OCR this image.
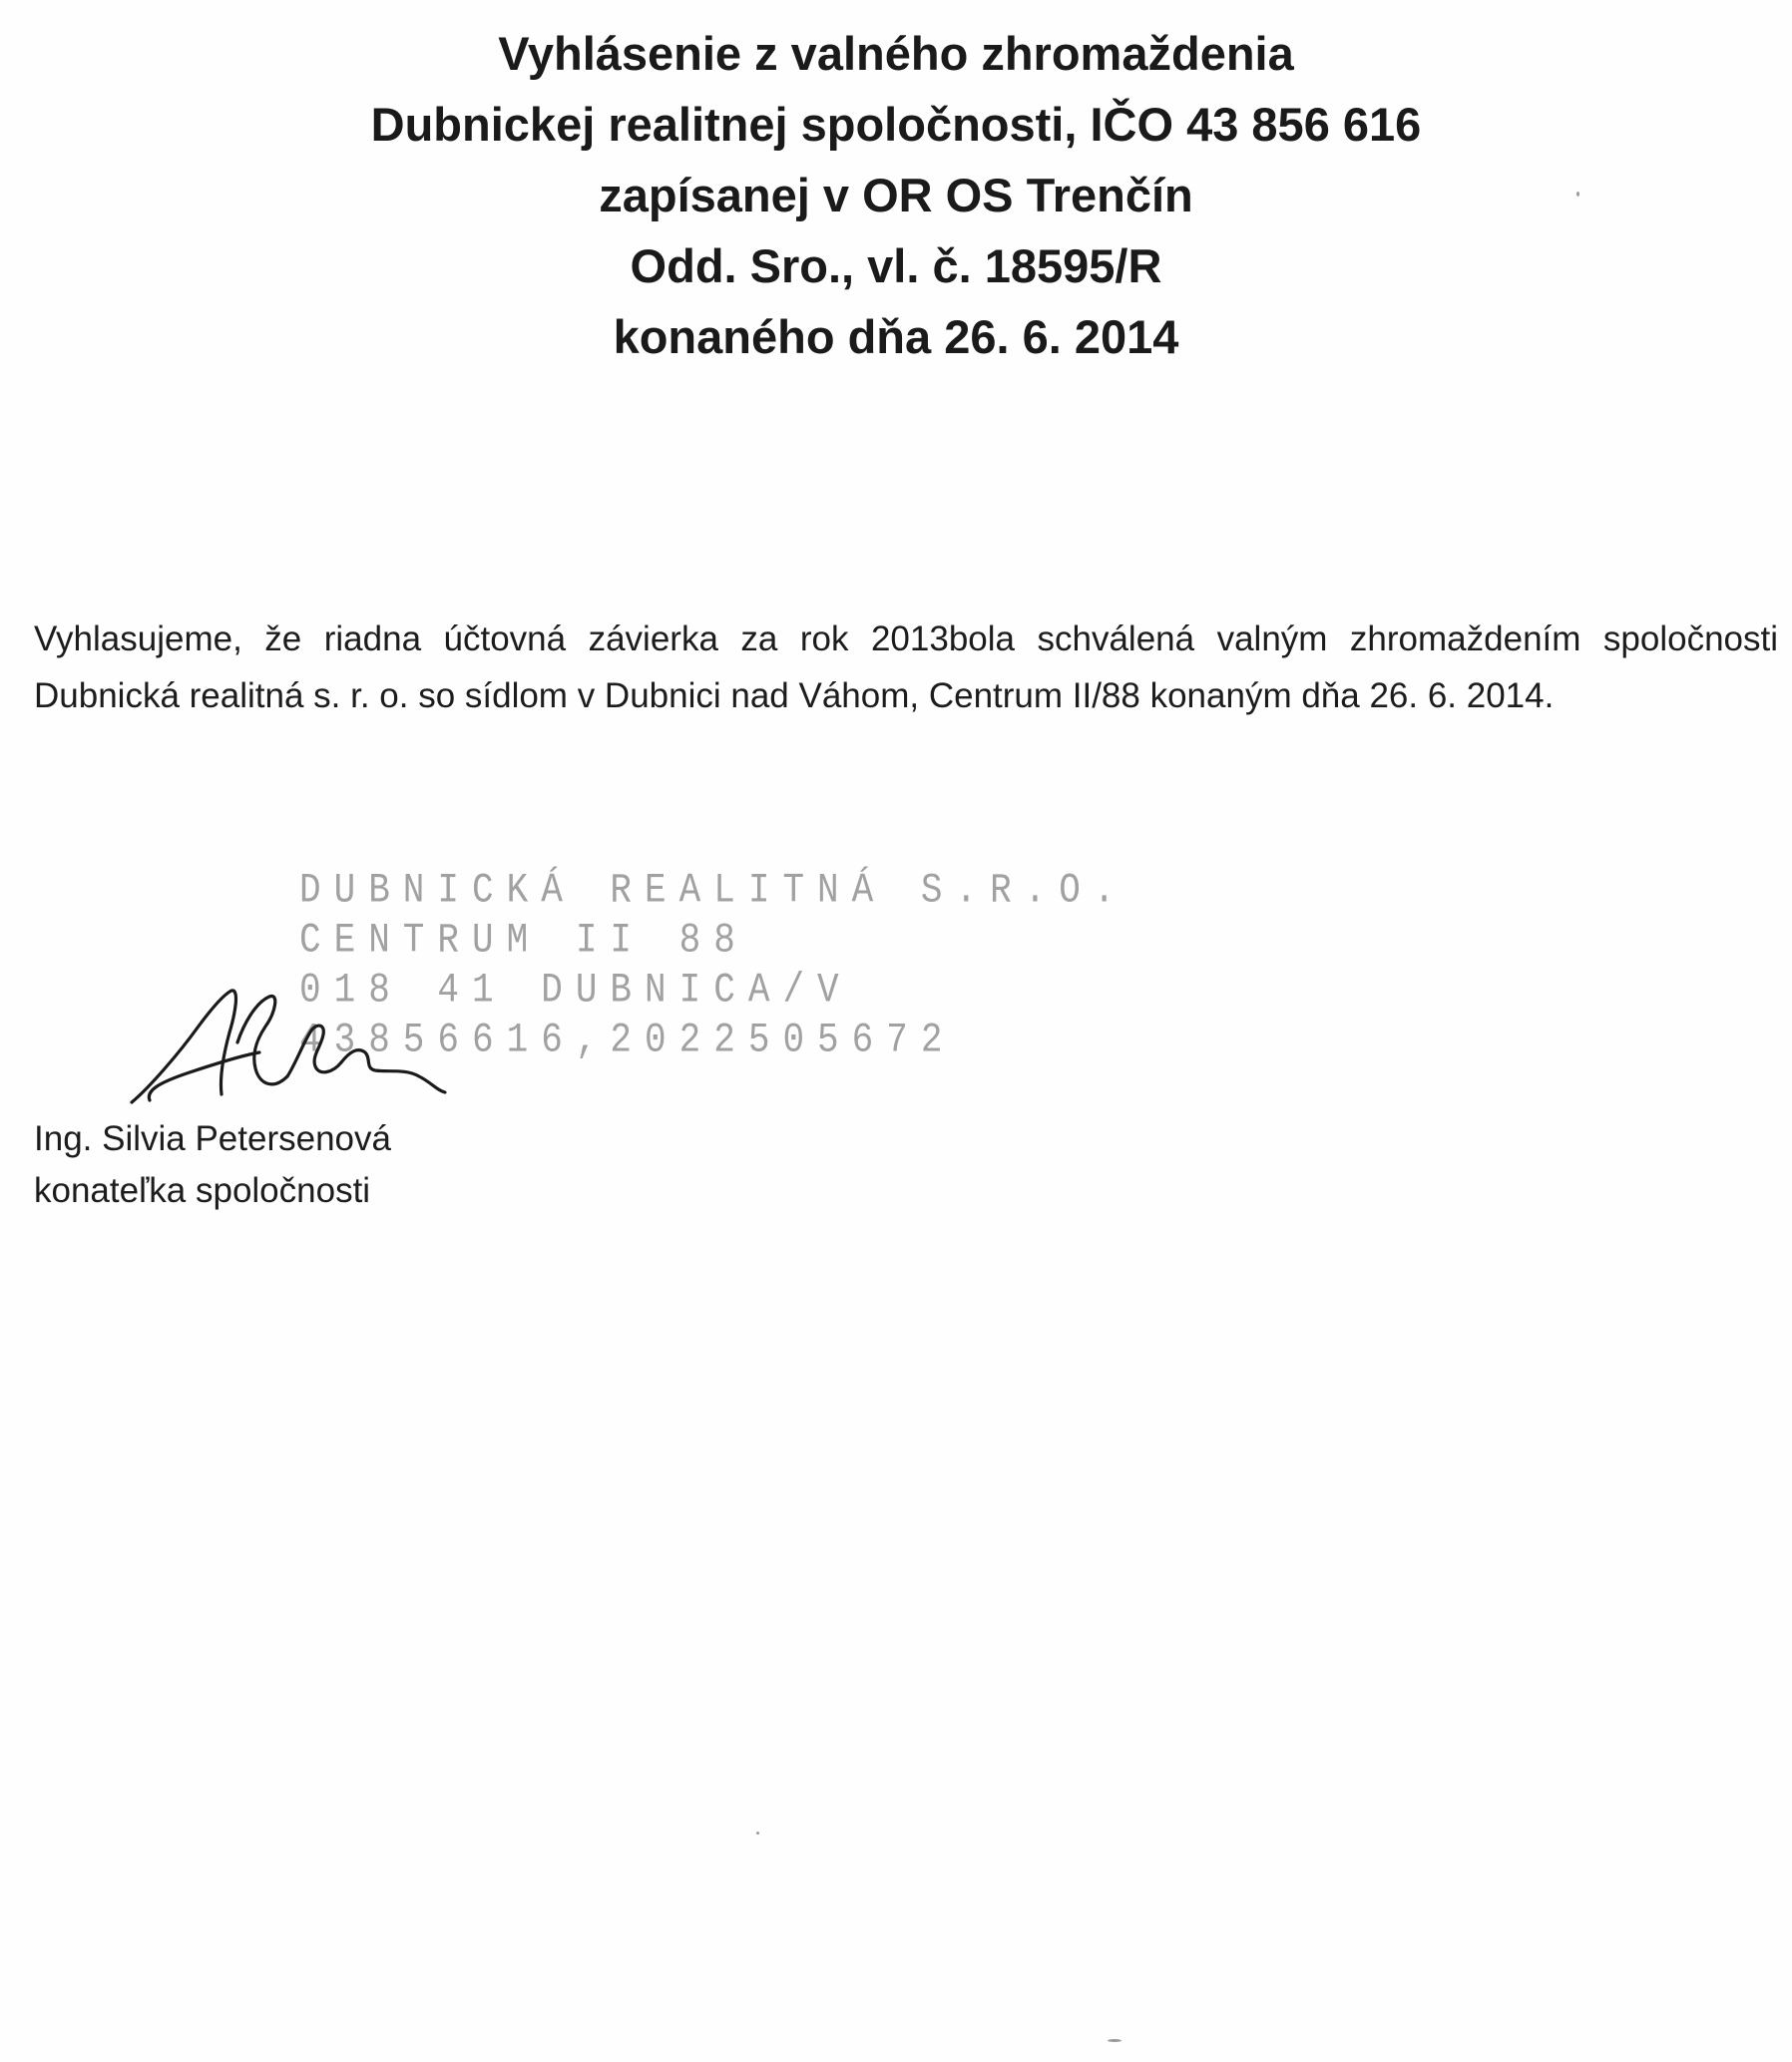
Vyhlásenie z valného zhromaždenia
Dubnickej realitnej spoločnosti, IČO 43 856 616
zapísanej v OR OS Trenčín
Odd. Sro., vl. č. 18595/R
konaného dňa 26. 6. 2014
Vyhlasujeme, že riadna účtovná závierka za rok 2013bola schválená valným zhromaždením spoločnosti Dubnická realitná s. r. o. so sídlom v Dubnici nad Váhom, Centrum II/88 konaným dňa 26. 6. 2014.
DUBNICKÁ REALITNÁ S.R.O.
CENTRUM II 88
018 41 DUBNICA/V
43856616,2022505672
Ing. Silvia Petersenová
konateľka spoločnosti
